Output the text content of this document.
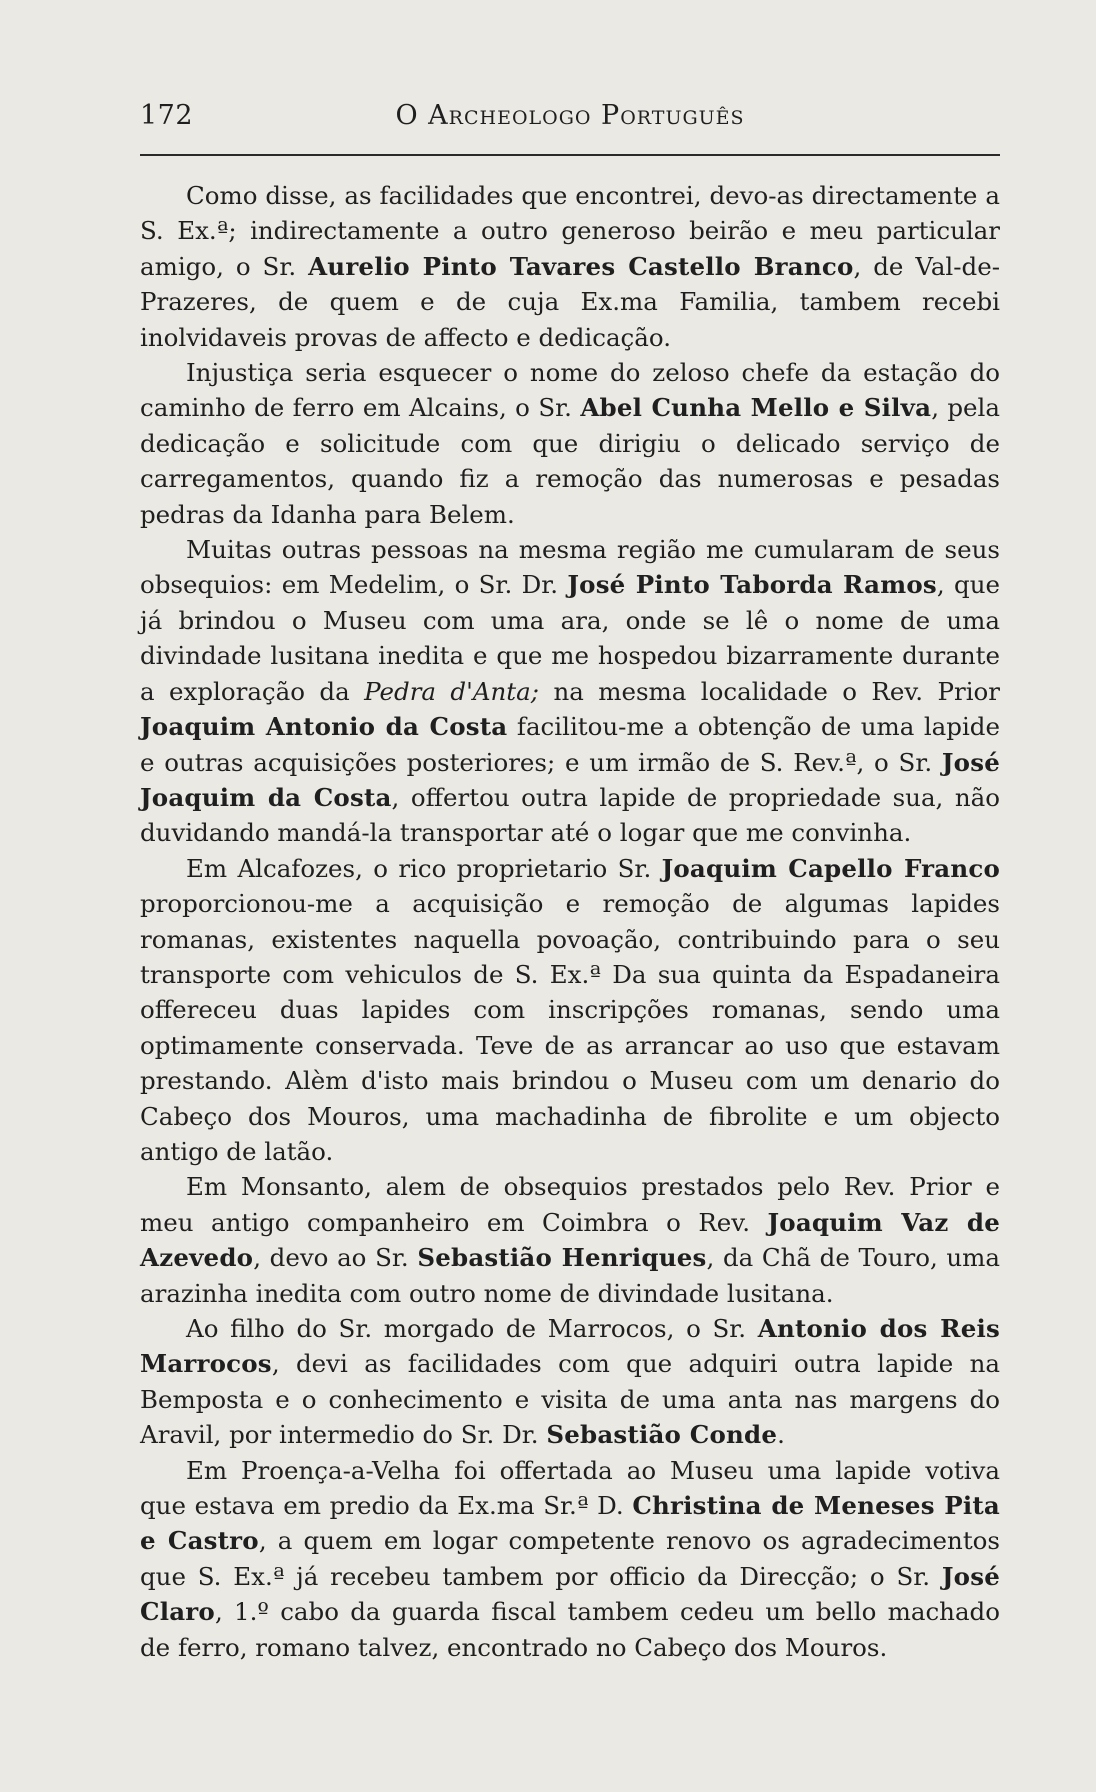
172	O Archeologo Português

Como disse, as facilidades que encontrei, devo-as directamente a S. Ex.ª; indirectamente a outro generoso beirão e meu particular amigo, o Sr. Aurelio Pinto Tavares Castello Branco, de Val-de-Prazeres, de quem e de cuja Ex.ma Familia, tambem recebi inolvidaveis provas de affecto e dedicação.

Injustiça seria esquecer o nome do zeloso chefe da estação do caminho de ferro em Alcains, o Sr. Abel Cunha Mello e Silva, pela dedicação e solicitude com que dirigiu o delicado serviço de carregamentos, quando fiz a remoção das numerosas e pesadas pedras da Idanha para Belem.

Muitas outras pessoas na mesma região me cumularam de seus obsequios: em Medelim, o Sr. Dr. José Pinto Taborda Ramos, que já brindou o Museu com uma ara, onde se lê o nome de uma divindade lusitana inedita e que me hospedou bizarramente durante a exploração da Pedra d'Anta; na mesma localidade o Rev. Prior Joaquim Antonio da Costa facilitou-me a obtenção de uma lapide e outras acquisições posteriores; e um irmão de S. Rev.ª, o Sr. José Joaquim da Costa, offertou outra lapide de propriedade sua, não duvidando mandá-la transportar até o logar que me convinha.

Em Alcafozes, o rico proprietario Sr. Joaquim Capello Franco proporcionou-me a acquisição e remoção de algumas lapides romanas, existentes naquella povoação, contribuindo para o seu transporte com vehiculos de S. Ex.ª Da sua quinta da Espadaneira offereceu duas lapides com inscripções romanas, sendo uma optimamente conservada. Teve de as arrancar ao uso que estavam prestando. Alèm d'isto mais brindou o Museu com um denario do Cabeço dos Mouros, uma machadinha de fibrolite e um objecto antigo de latão.

Em Monsanto, alem de obsequios prestados pelo Rev. Prior e meu antigo companheiro em Coimbra o Rev. Joaquim Vaz de Azevedo, devo ao Sr. Sebastião Henriques, da Chã de Touro, uma arazinha inedita com outro nome de divindade lusitana.

Ao filho do Sr. morgado de Marrocos, o Sr. Antonio dos Reis Marrocos, devi as facilidades com que adquiri outra lapide na Bemposta e o conhecimento e visita de uma anta nas margens do Aravil, por intermedio do Sr. Dr. Sebastião Conde.

Em Proença-a-Velha foi offertada ao Museu uma lapide votiva que estava em predio da Ex.ma Sr.ª D. Christina de Meneses Pita e Castro, a quem em logar competente renovo os agradecimentos que S. Ex.ª já recebeu tambem por officio da Direcção; o Sr. José Claro, 1.º cabo da guarda fiscal tambem cedeu um bello machado de ferro, romano talvez, encontrado no Cabeço dos Mouros.
